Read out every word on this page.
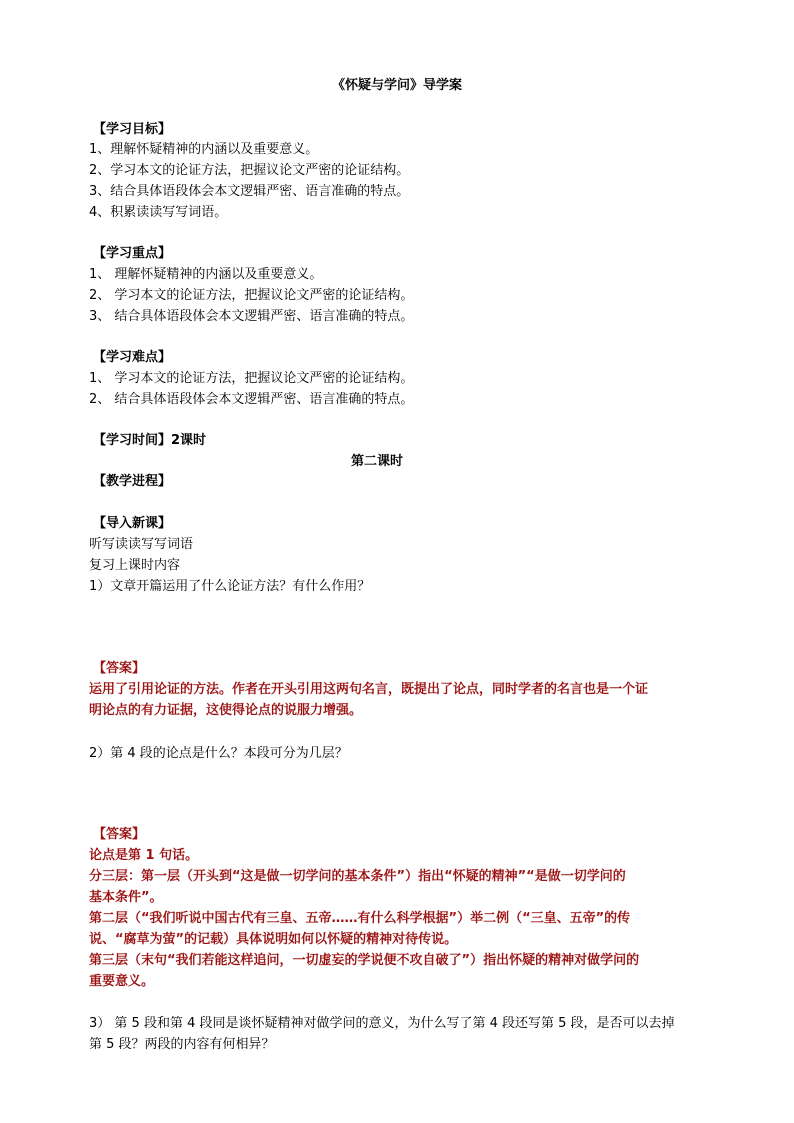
《怀疑与学问》导学案
【学习目标】
1、理解怀疑精神的内涵以及重要意义。
2、学习本文的论证方法，把握议论文严密的论证结构。
3、结合具体语段体会本文逻辑严密、语言准确的特点。
4、积累读读写写词语。
【学习重点】
1、 理解怀疑精神的内涵以及重要意义。
2、 学习本文的论证方法，把握议论文严密的论证结构。
3、 结合具体语段体会本文逻辑严密、语言准确的特点。
【学习难点】
1、 学习本文的论证方法，把握议论文严密的论证结构。
2、 结合具体语段体会本文逻辑严密、语言准确的特点。
【学习时间】2课时
第二课时
【教学进程】
【导入新课】
听写读读写写词语
复习上课时内容
1）文章开篇运用了什么论证方法？有什么作用？
【答案】
运用了引用论证的方法。作者在开头引用这两句名言，既提出了论点，同时学者的名言也是一个证
明论点的有力证据，这使得论点的说服力增强。
2）第 4 段的论点是什么？本段可分为几层？
【答案】
论点是第 1 句话。
分三层：第一层（开头到“这是做一切学问的基本条件”）指出“怀疑的精神”“是做一切学问的
基本条件”。
第二层（“我们听说中国古代有三皇、五帝……有什么科学根据”）举二例（“三皇、五帝”的传
说、“腐草为萤”的记载）具体说明如何以怀疑的精神对待传说。
第三层（末句“我们若能这样追问，一切虚妄的学说便不攻自破了”）指出怀疑的精神对做学问的
重要意义。
3） 第 5 段和第 4 段同是谈怀疑精神对做学问的意义，为什么写了第 4 段还写第 5 段，是否可以去掉
第 5 段？两段的内容有何相异？
